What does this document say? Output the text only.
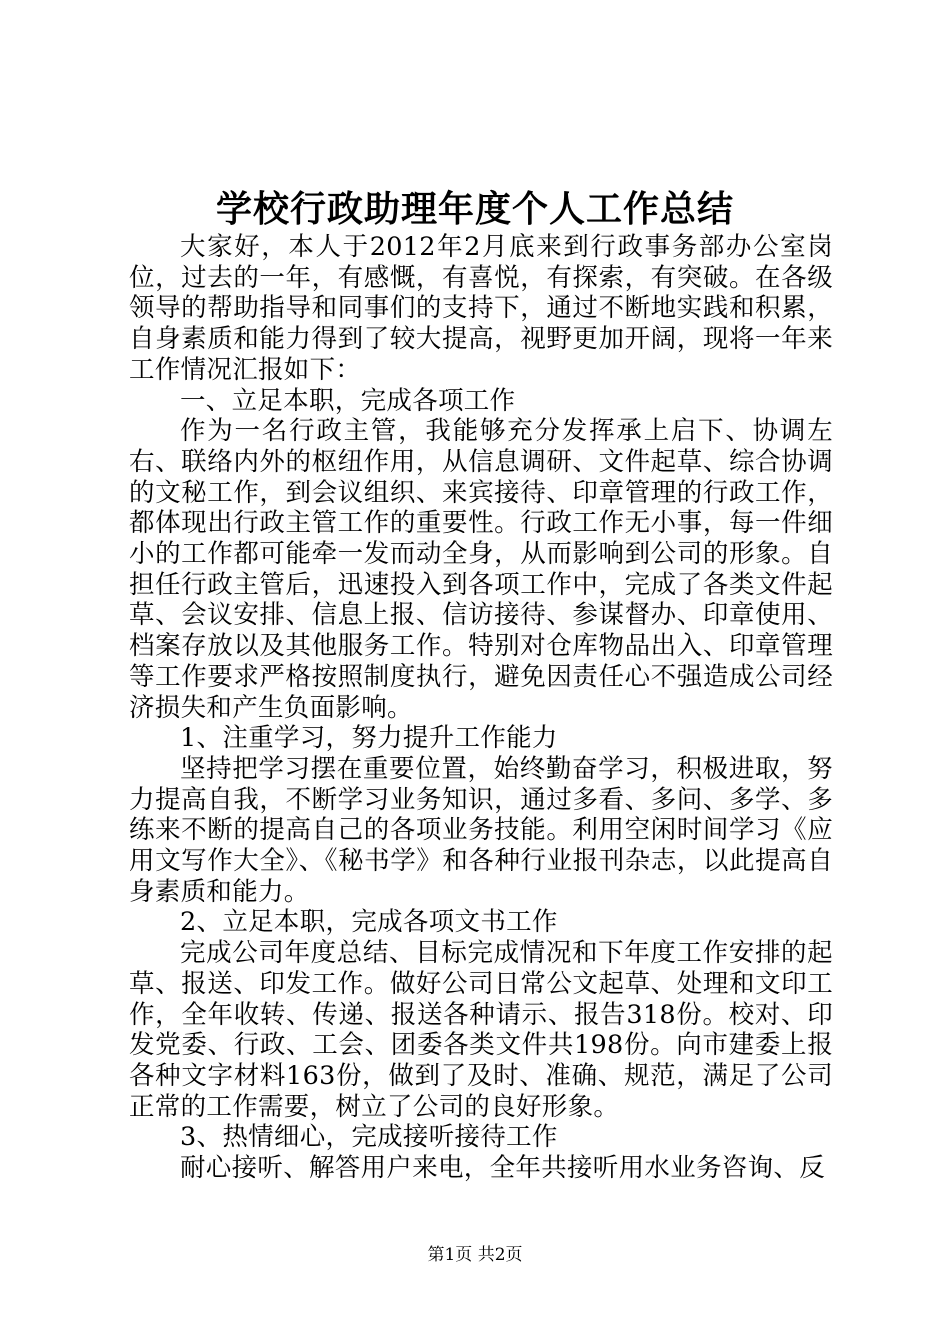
学校行政助理年度个人工作总结

大家好，本人于2012年2月底来到行政事务部办公室岗位，过去的一年，有感慨，有喜悦，有探索，有突破。在各级领导的帮助指导和同事们的支持下，通过不断地实践和积累，自身素质和能力得到了较大提高，视野更加开阔，现将一年来工作情况汇报如下：

一、立足本职，完成各项工作

作为一名行政主管，我能够充分发挥承上启下、协调左右、联络内外的枢纽作用，从信息调研、文件起草、综合协调的文秘工作，到会议组织、来宾接待、印章管理的行政工作，都体现出行政主管工作的重要性。行政工作无小事，每一件细小的工作都可能牵一发而动全身，从而影响到公司的形象。自担任行政主管后，迅速投入到各项工作中，完成了各类文件起草、会议安排、信息上报、信访接待、参谋督办、印章使用、档案存放以及其他服务工作。特别对仓库物品出入、印章管理等工作要求严格按照制度执行，避免因责任心不强造成公司经济损失和产生负面影响。

1、注重学习，努力提升工作能力

坚持把学习摆在重要位置，始终勤奋学习，积极进取，努力提高自我，不断学习业务知识，通过多看、多问、多学、多练来不断的提高自己的各项业务技能。利用空闲时间学习《应用文写作大全》、《秘书学》和各种行业报刊杂志，以此提高自身素质和能力。

2、立足本职，完成各项文书工作

完成公司年度总结、目标完成情况和下年度工作安排的起草、报送、印发工作。做好公司日常公文起草、处理和文印工作，全年收转、传递、报送各种请示、报告318份。校对、印发党委、行政、工会、团委各类文件共198份。向市建委上报各种文字材料163份，做到了及时、准确、规范，满足了公司正常的工作需要，树立了公司的良好形象。

3、热情细心，完成接听接待工作

耐心接听、解答用户来电，全年共接听用水业务咨询、反

第1页 共2页
